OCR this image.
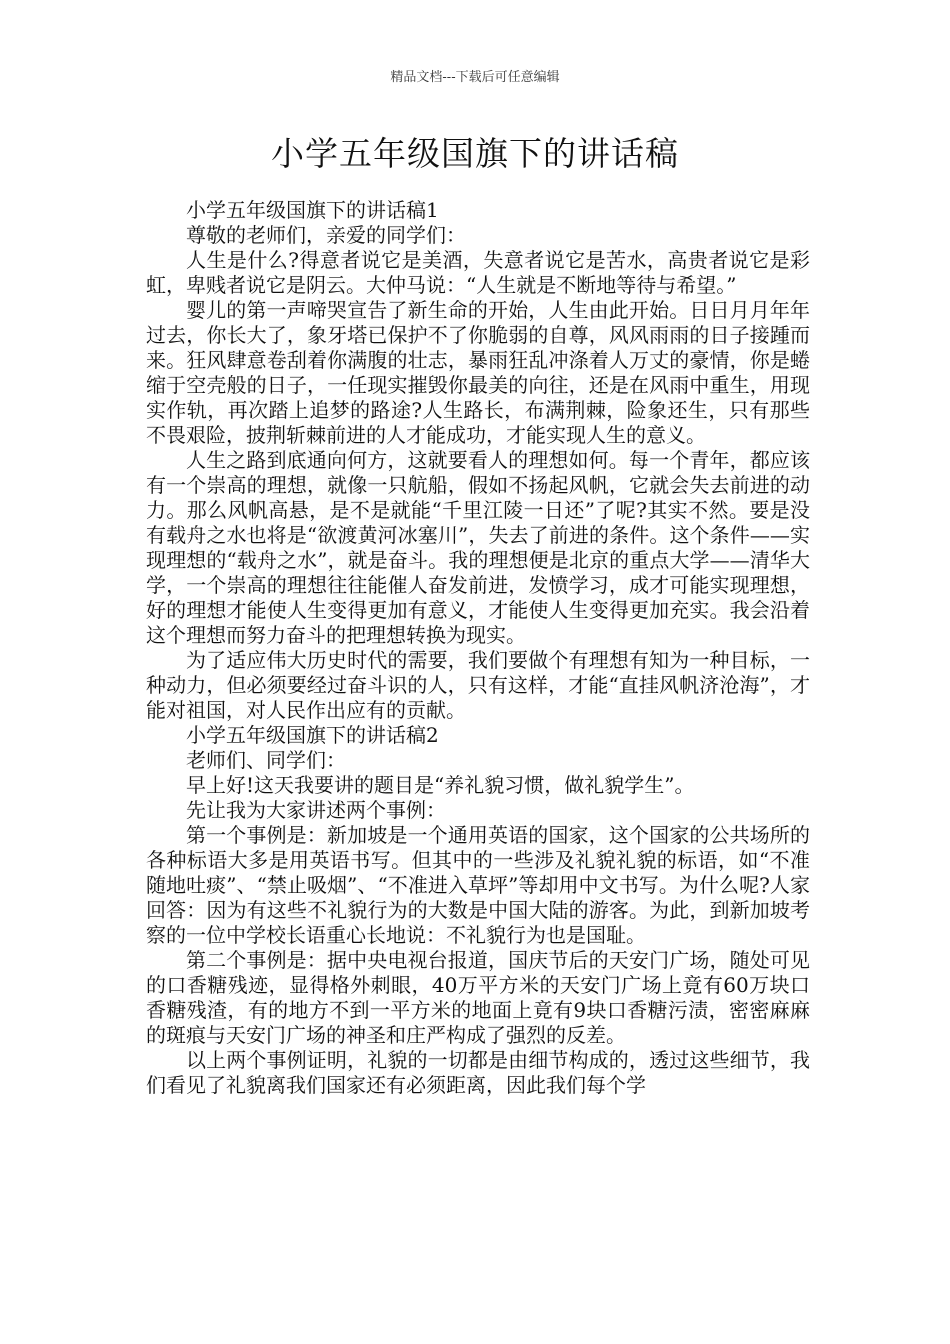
精品文档---下载后可任意编辑
小学五年级国旗下的讲话稿

小学五年级国旗下的讲话稿1

尊敬的老师们，亲爱的同学们：

人生是什么?得意者说它是美酒，失意者说它是苦水，高贵者说它是彩虹，卑贱者说它是阴云。大仲马说：“人生就是不断地等待与希望。”

婴儿的第一声啼哭宣告了新生命的开始，人生由此开始。日日月月年年过去，你长大了，象牙塔已保护不了你脆弱的自尊，风风雨雨的日子接踵而来。狂风肆意卷刮着你满腹的壮志，暴雨狂乱冲涤着人万丈的豪情，你是蜷缩于空壳般的日子，一任现实摧毁你最美的向往，还是在风雨中重生，用现实作轨，再次踏上追梦的路途?人生路长，布满荆棘，险象还生，只有那些不畏艰险，披荆斩棘前进的人才能成功，才能实现人生的意义。

人生之路到底通向何方，这就要看人的理想如何。每一个青年，都应该有一个崇高的理想，就像一只航船，假如不扬起风帆，它就会失去前进的动力。那么风帆高悬，是不是就能“千里江陵一日还”了呢?其实不然。要是没有载舟之水也将是“欲渡黄河冰塞川”，失去了前进的条件。这个条件——实现理想的“载舟之水”，就是奋斗。我的理想便是北京的重点大学——清华大学，一个崇高的理想往往能催人奋发前进，发愤学习，成才可能实现理想，好的理想才能使人生变得更加有意义，才能使人生变得更加充实。我会沿着这个理想而努力奋斗的把理想转换为现实。

为了适应伟大历史时代的需要，我们要做个有理想有知为一种目标，一种动力，但必须要经过奋斗识的人，只有这样，才能“直挂风帆济沧海”，才能对祖国，对人民作出应有的贡献。

小学五年级国旗下的讲话稿2

老师们、同学们：

早上好!这天我要讲的题目是“养礼貌习惯，做礼貌学生”。

先让我为大家讲述两个事例：

第一个事例是：新加坡是一个通用英语的国家，这个国家的公共场所的各种标语大多是用英语书写。但其中的一些涉及礼貌礼貌的标语，如“不准随地吐痰”、“禁止吸烟”、“不准进入草坪”等却用中文书写。为什么呢?人家回答：因为有这些不礼貌行为的大数是中国大陆的游客。为此，到新加坡考察的一位中学校长语重心长地说：不礼貌行为也是国耻。

第二个事例是：据中央电视台报道，国庆节后的天安门广场，随处可见的口香糖残迹，显得格外刺眼，40万平方米的天安门广场上竟有60万块口香糖残渣，有的地方不到一平方米的地面上竟有9块口香糖污渍，密密麻麻的斑痕与天安门广场的神圣和庄严构成了强烈的反差。

以上两个事例证明，礼貌的一切都是由细节构成的，透过这些细节，我们看见了礼貌离我们国家还有必须距离，因此我们每个学
